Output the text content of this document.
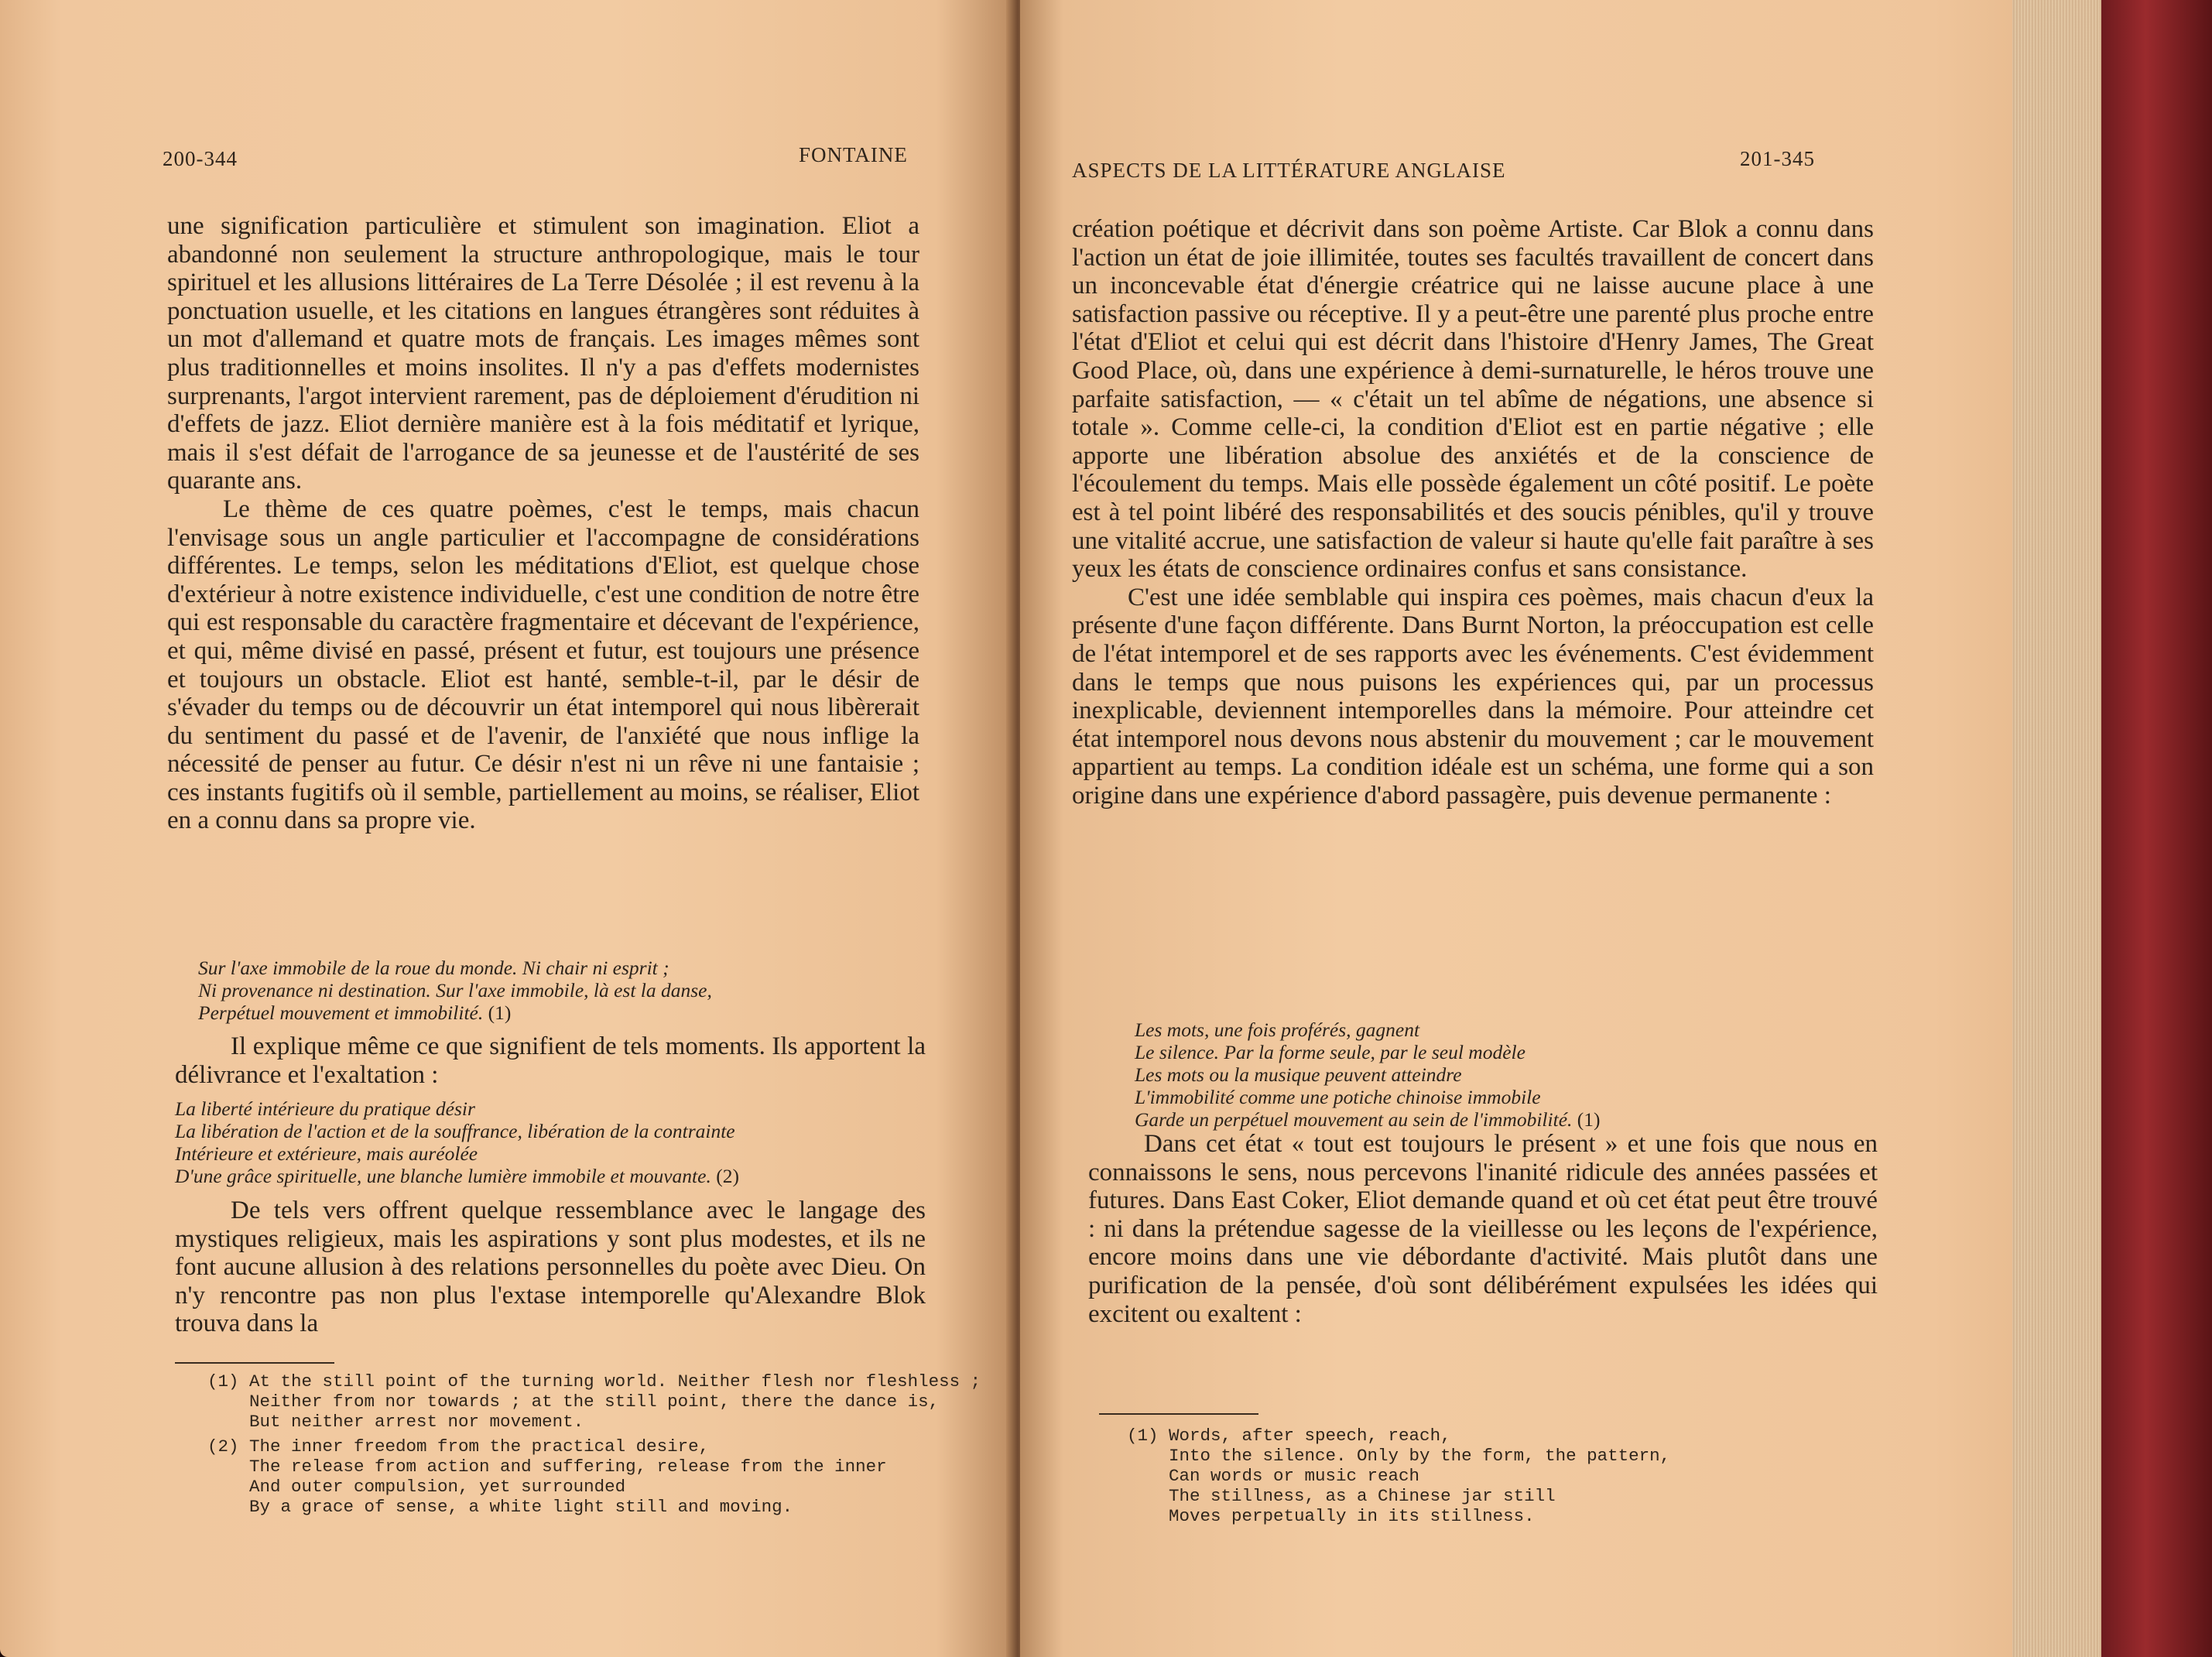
200-344	FONTAINE

une signification particulière et stimulent son imagination. Eliot a abandonné non seulement la structure anthropologique, mais le tour spirituel et les allusions littéraires de La Terre Désolée ; il est revenu à la ponctuation usuelle, et les citations en langues étrangères sont réduites à un mot d'allemand et quatre mots de français. Les images mêmes sont plus traditionnelles et moins insolites. Il n'y a pas d'effets modernistes surprenants, l'argot intervient rarement, pas de déploiement d'érudition ni d'effets de jazz. Eliot dernière manière est à la fois méditatif et lyrique, mais il s'est défait de l'arrogance de sa jeunesse et de l'austérité de ses quarante ans.

Le thème de ces quatre poèmes, c'est le temps, mais chacun l'envisage sous un angle particulier et l'accompagne de considérations différentes. Le temps, selon les méditations d'Eliot, est quelque chose d'extérieur à notre existence individuelle, c'est une condition de notre être qui est responsable du caractère fragmentaire et décevant de l'expérience, et qui, même divisé en passé, présent et futur, est toujours une présence et toujours un obstacle. Eliot est hanté, semble-t-il, par le désir de s'évader du temps ou de découvrir un état intemporel qui nous libèrerait du sentiment du passé et de l'avenir, de l'anxiété que nous inflige la nécessité de penser au futur. Ce désir n'est ni un rêve ni une fantaisie ; ces instants fugitifs où il semble, partiellement au moins, se réaliser, Eliot en a connu dans sa propre vie.

Sur l'axe immobile de la roue du monde. Ni chair ni esprit ;

Ni provenance ni destination. Sur l'axe immobile, là est la danse,

Perpétuel mouvement et immobilité. (1)

Il explique même ce que signifient de tels moments. Ils apportent la délivrance et l'exaltation :

La liberté intérieure du pratique désir

La libération de l'action et de la souffrance, libération de la contrainte

Intérieure et extérieure, mais auréolée

D'une grâce spirituelle, une blanche lumière immobile et mouvante. (2)

De tels vers offrent quelque ressemblance avec le langage des mystiques religieux, mais les aspirations y sont plus modestes, et ils ne font aucune allusion à des relations personnelles du poète avec Dieu. On n'y rencontre pas non plus l'extase intemporelle qu'Alexandre Blok trouva dans la

(1) At the still point of the turning world. Neither flesh nor fleshless ;
Neither from nor towards ; at the still point, there the dance is,
But neither arrest nor movement.
(2) The inner freedom from the practical desire,
The release from action and suffering, release from the inner
And outer compulsion, yet surrounded
By a grace of sense, a white light still and moving.
ASPECTS DE LA LITTÉRATURE ANGLAISE	201-345

création poétique et décrivit dans son poème Artiste. Car Blok a connu dans l'action un état de joie illimitée, toutes ses facultés travaillent de concert dans un inconcevable état d'énergie créatrice qui ne laisse aucune place à une satisfaction passive ou réceptive. Il y a peut-être une parenté plus proche entre l'état d'Eliot et celui qui est décrit dans l'histoire d'Henry James, The Great Good Place, où, dans une expérience à demi-surnaturelle, le héros trouve une parfaite satisfaction, — « c'était un tel abîme de négations, une absence si totale ». Comme celle-ci, la condition d'Eliot est en partie négative ; elle apporte une libération absolue des anxiétés et de la conscience de l'écoulement du temps. Mais elle possède également un côté positif. Le poète est à tel point libéré des responsabilités et des soucis pénibles, qu'il y trouve une vitalité accrue, une satisfaction de valeur si haute qu'elle fait paraître à ses yeux les états de conscience ordinaires confus et sans consistance.

C'est une idée semblable qui inspira ces poèmes, mais chacun d'eux la présente d'une façon différente. Dans Burnt Norton, la préoccupation est celle de l'état intemporel et de ses rapports avec les événements. C'est évidemment dans le temps que nous puisons les expériences qui, par un processus inexplicable, deviennent intemporelles dans la mémoire. Pour atteindre cet état intemporel nous devons nous abstenir du mouvement ; car le mouvement appartient au temps. La condition idéale est un schéma, une forme qui a son origine dans une expérience d'abord passagère, puis devenue permanente :

Les mots, une fois proférés, gagnent

Le silence. Par la forme seule, par le seul modèle

Les mots ou la musique peuvent atteindre

L'immobilité comme une potiche chinoise immobile

Garde un perpétuel mouvement au sein de l'immobilité. (1)

Dans cet état « tout est toujours le présent » et une fois que nous en connaissons le sens, nous percevons l'inanité ridicule des années passées et futures. Dans East Coker, Eliot demande quand et où cet état peut être trouvé : ni dans la prétendue sagesse de la vieillesse ou les leçons de l'expérience, encore moins dans une vie débordante d'activité. Mais plutôt dans une purification de la pensée, d'où sont délibérément expulsées les idées qui excitent ou exaltent :

(1) Words, after speech, reach,
Into the silence. Only by the form, the pattern,
Can words or music reach
The stillness, as a Chinese jar still
Moves perpetually in its stillness.
